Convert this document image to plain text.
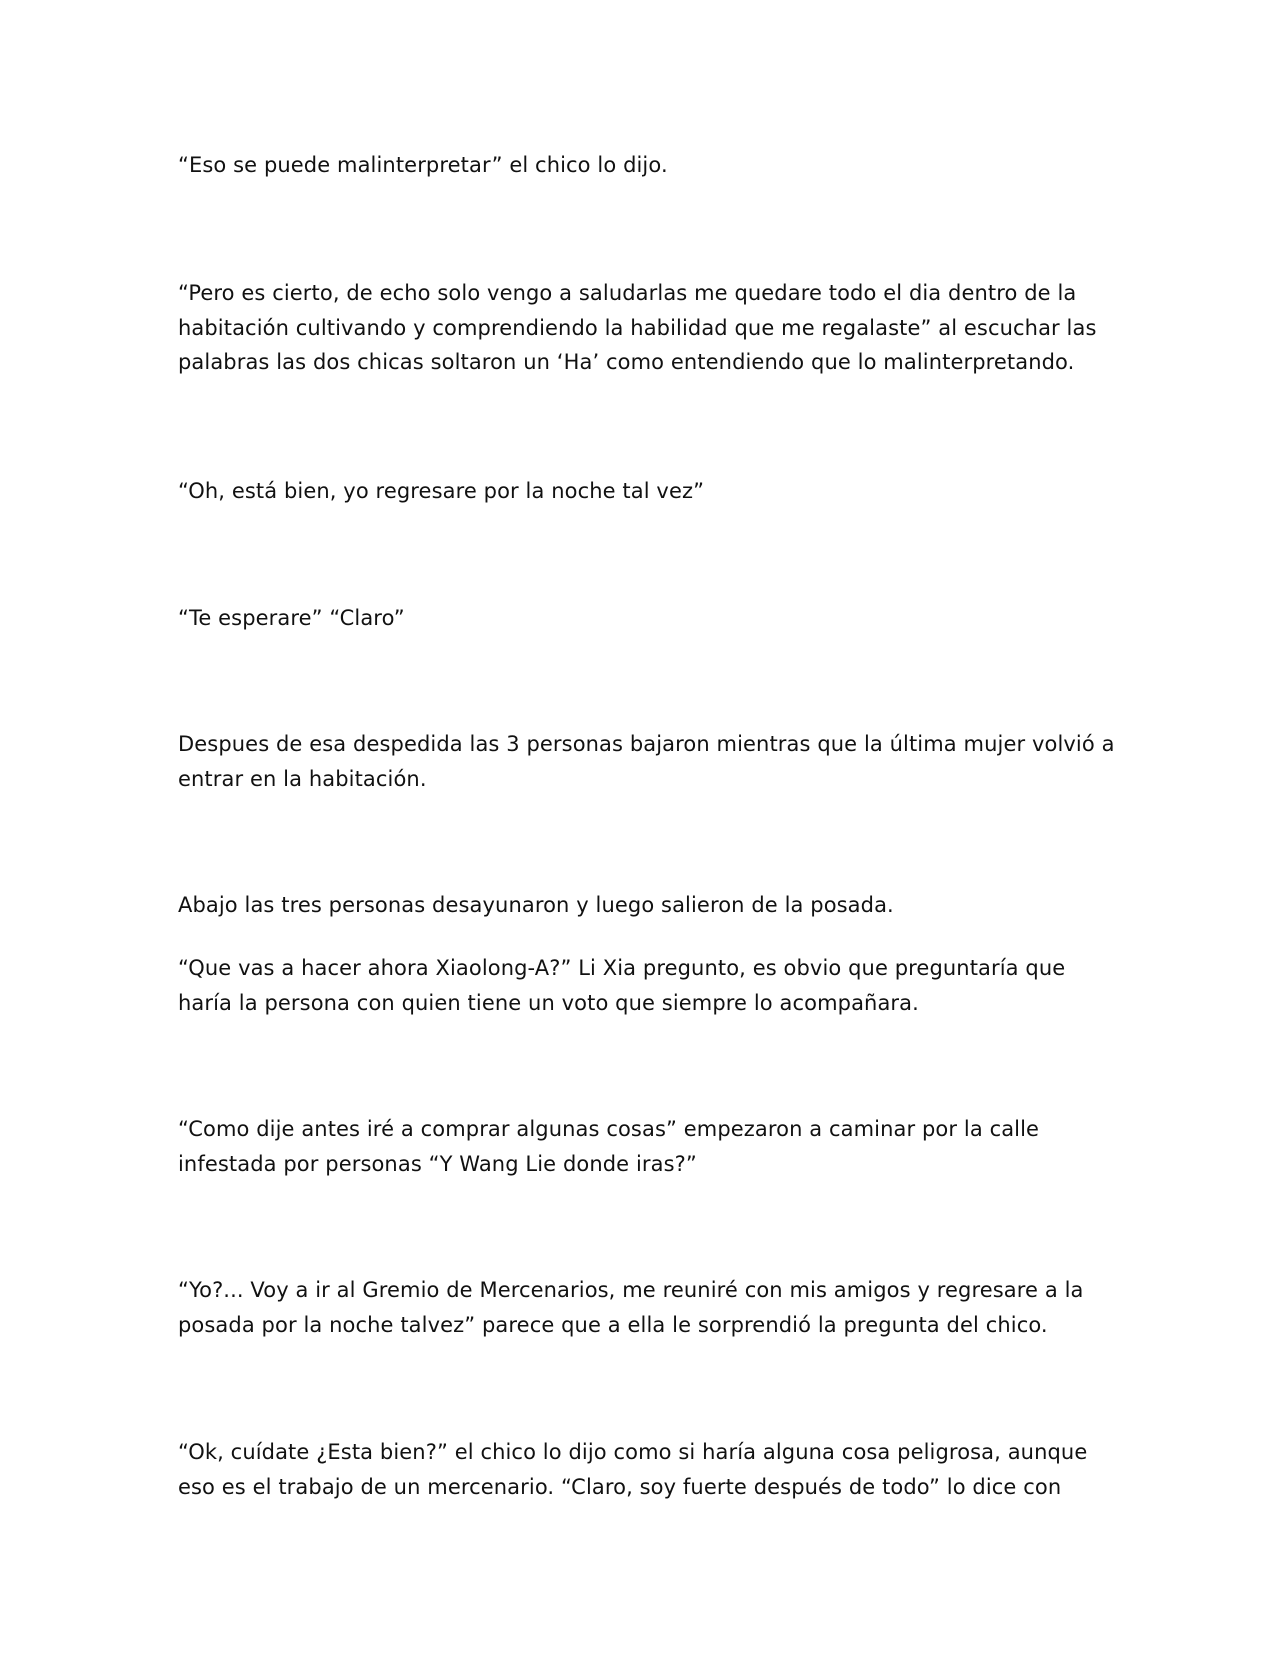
“Eso se puede malinterpretar” el chico lo dijo.

“Pero es cierto, de echo solo vengo a saludarlas me quedare todo el dia dentro de la
habitación cultivando y comprendiendo la habilidad que me regalaste” al escuchar las
palabras las dos chicas soltaron un ‘Ha’ como entendiendo que lo malinterpretando.

“Oh, está bien, yo regresare por la noche tal vez”

“Te esperare” “Claro”

Despues de esa despedida las 3 personas bajaron mientras que la última mujer volvió a
entrar en la habitación.

Abajo las tres personas desayunaron y luego salieron de la posada.

“Que vas a hacer ahora Xiaolong-A?” Li Xia pregunto, es obvio que preguntaría que
haría la persona con quien tiene un voto que siempre lo acompañara.

“Como dije antes iré a comprar algunas cosas” empezaron a caminar por la calle
infestada por personas “Y Wang Lie donde iras?”

“Yo?... Voy a ir al Gremio de Mercenarios, me reuniré con mis amigos y regresare a la
posada por la noche talvez” parece que a ella le sorprendió la pregunta del chico.

“Ok, cuídate ¿Esta bien?” el chico lo dijo como si haría alguna cosa peligrosa, aunque
eso es el trabajo de un mercenario. “Claro, soy fuerte después de todo” lo dice con
